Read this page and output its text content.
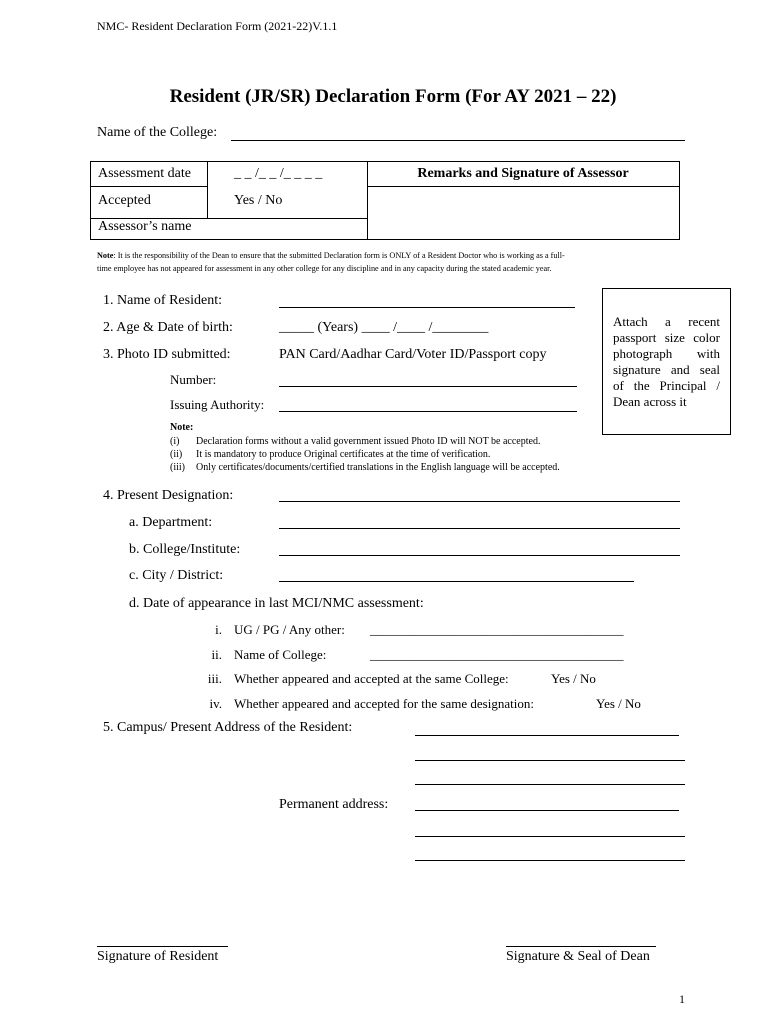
NMC- Resident Declaration Form (2021-22)V.1.1
Resident (JR/SR) Declaration Form (For AY 2021 – 22)
Name of the College:
Assessment date	_ _ /_ _ /_ _ _ _	Remarks and Signature of Assessor
Accepted	Yes / No
Assessor’s name
Note: It is the responsibility of the Dean to ensure that the submitted Declaration form is ONLY of a Resident Doctor who is working as a full-
time employee has not appeared for assessment in any other college for any discipline and in any capacity during the stated academic year.
1. Name of Resident:
2. Age & Date of birth:	_____ (Years) ____ /____ /________
3. Photo ID submitted:	PAN Card/Aadhar Card/Voter ID/Passport copy
Number:
Issuing Authority:
Attach a recent
passport size color
photograph with
signature and seal
of the Principal /
Dean across it
Note:
(i) Declaration forms without a valid government issued Photo ID will NOT be accepted.
(ii) It is mandatory to produce Original certificates at the time of verification.
(iii) Only certificates/documents/certified translations in the English language will be accepted.
4. Present Designation:
a. Department:
b. College/Institute:
c. City / District:
d. Date of appearance in last MCI/NMC assessment:
i. UG / PG / Any other: _______________________________________
ii. Name of College:	_______________________________________
iii. Whether appeared and accepted at the same College:	Yes / No
iv. Whether appeared and accepted for the same designation:	Yes / No
5. Campus/ Present Address of the Resident:
Permanent address:
Signature of Resident	Signature & Seal of Dean
1
